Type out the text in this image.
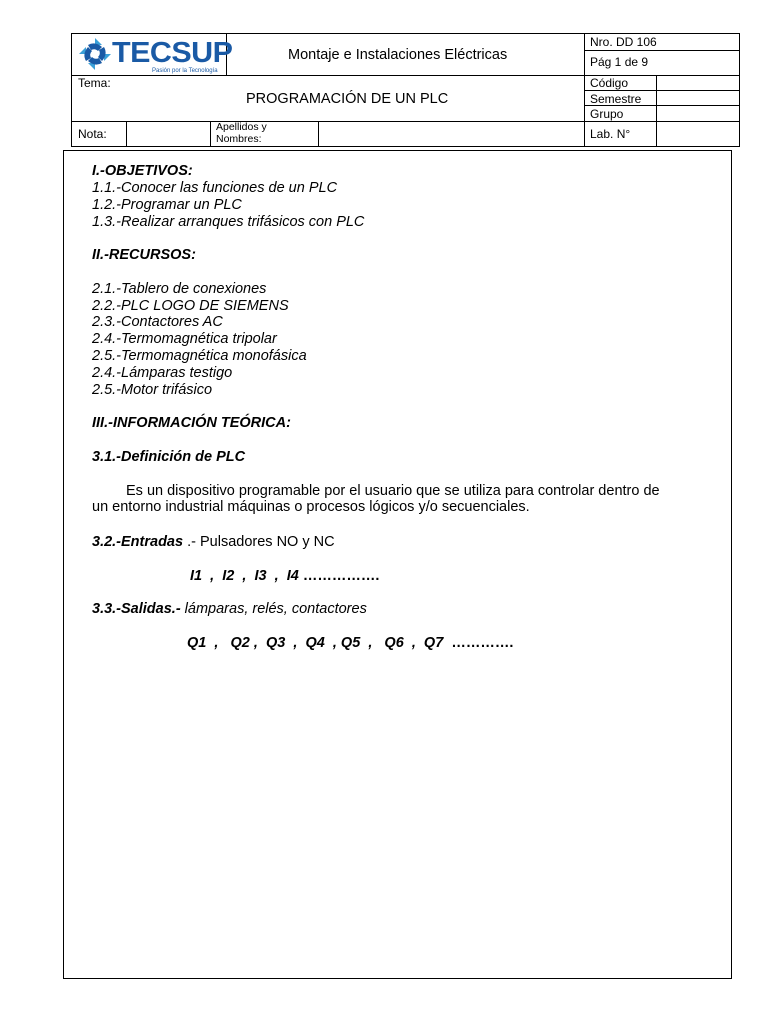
TECSUP
Pasión por la Tecnología
Montaje e Instalaciones Eléctricas
Nro. DD 106
Pág 1 de 9
Tema:
PROGRAMACIÓN DE UN PLC
Código
Semestre
Grupo
Nota:	Apellidos y
Nombres:	Lab. N°
I.-OBJETIVOS:
1.1.-Conocer las funciones de un PLC
1.2.-Programar un PLC
1.3.-Realizar arranques trifásicos con PLC
II.-RECURSOS:
2.1.-Tablero de conexiones
2.2.-PLC LOGO DE SIEMENS
2.3.-Contactores AC
2.4.-Termomagnética tripolar
2.5.-Termomagnética monofásica
2.4.-Lámparas testigo
2.5.-Motor trifásico
III.-INFORMACIÓN TEÓRICA:
3.1.-Definición de PLC
Es un dispositivo programable por el usuario que se utiliza para controlar dentro de
un entorno industrial máquinas o procesos lógicos y/o secuenciales.
3.2.-Entradas .- Pulsadores NO y NC
I1  ,  I2  ,  I3  ,  I4 …………….
3.3.-Salidas.- lámparas, relés, contactores
Q1  ,   Q2 ,  Q3  ,  Q4  , Q5  ,   Q6  ,  Q7  ………….
